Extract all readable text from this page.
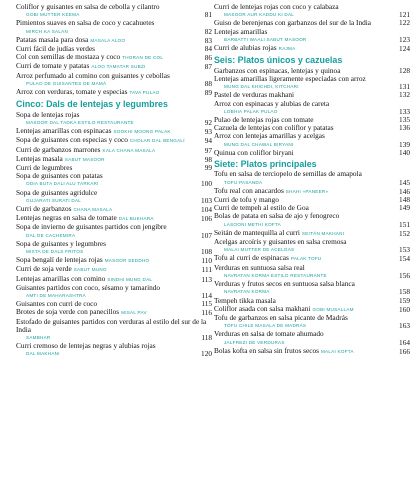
Coliflor y guisantes en salsa de cebolla y cilantro
GOBI MUTTER KEEMA	81
Pimientos suaves en salsa de coco y cacahuetes
MIRCH KA SALAN	82
Patatas masala para dosa MASALA ALOO	83
Curri fácil de judías verdes	84
Col con semillas de mostaza y coco THORAN DE COL	86
Curri de tomate y patatas ALOO TAMATAR SUBZI	87
Arroz perfumado al comino con guisantes y cebollas
PULAO DE GUISANTES DE MAMÁ	88
Arroz con verduras, tomate y especias TAVA PULAO	89
Cinco: Dals de lentejas y legumbres
Sopa de lentejas rojas
MASOOR DAL TADKA ESTILO RESTAURANTE	92
Lentejas amarillas con espinacas SOOKHI MOONG PALAK	93
Sopa de guisantes con especias y coco CHOLAR DAL BENGALÍ	94
Curri de garbanzos marrones KALA CHANA MASALA	97
Lentejas masala SABUT MASOOR	98
Curri de legumbres	99
Sopa de guisantes con patatas
ODIA BUTA DALI ALU TARKARI	100
Sopa de guisantes agridulce
GUJARATI SURATI DAL	103
Curri de garbanzos CHANA MASALA	104
Lentejas negras en salsa de tomate DAL BUKHARA	106
Sopa de invierno de guisantes partidos con jengibre
DAL DE CACHEMIRA	107
Sopa de guisantes y legumbres
MIXTA DE DALS FRITOS	108
Sopa bengalí de lentejas rojas MASOOR SEDDHO	110
Curri de soja verde SABUT MUNG	111
Lentejas amarillas con comino SINDHI MUNG DAL	113
Guisantes partidos con coco, sésamo y tamarindo
AMTI DE MAHARASHTRA	114
Guisantes con curri de coco	115
Brotes de soja verde con panecillos MISAL PAV	116
Estofado de guisantes partidos con verduras al estilo del sur de la India
SAMBHAR	118
Curri cremoso de lentejas negras y alubias rojas
DAL MAKHANI	120
Curri de lentejas rojas con coco y calabaza
MASOOR AUR KADDU KI DAL	121
Guiso de berenjenas con garbanzos del sur de la India	122
Lentejas amarillas
BARBATTI WAALI SABUT MASOOR	123
Curri de alubias rojas RAJMA	124
Seis: Platos únicos y cazuelas
Garbanzos con espinacas, lentejas y quinoa	128
Lentejas amarillas ligeramente especiadas con arroz
MUNG DAL KHICHDI, KITCHARI	131
Pastel de verduras makhani	132
Arroz con espinacas y alubias de careta
LOBHIA PALAK PULAO	133
Pulao de lentejas rojas con tomate	135
Cazuela de lentejas con coliflor y patatas	136
Arroz con lentejas amarillas y acelgas
MUNG DAL CHAWAL BIRYANI	139
Quinua con coliflor biryani	140
Siete: Platos principales
Tofu en salsa de terciopelo de semillas de amapola
TOFU PASANDA	145
Tofu real con anacardos SHAHI «PANEER»	146
Curri de tofu y mango	148
Curri de tempeh al estilo de Goa	149
Bolas de patata en salsa de ajo y fenogreco
LASOONI METHI KOFTA	151
Seitán de mantequilla al curri SEITÁN MAKHANI	152
Acelgas arcoíris y guisantes en salsa cremosa
MALAI MUTTER DE ACELGAS	153
Tofu al curri de espinacas PALAK TOFU	154
Verduras en suntuosa salsa real
NAVRATAN KORMA ESTILO RESTAURANTE	156
Verduras y frutos secos en suntuosa salsa blanca
NAVRATAN KORMA	158
Tempeh tikka masala	159
Coliflor asada con salsa makhani GOBI MUSALLAM	160
Tofu de garbanzos en salsa picante de Madrás
TOFU CHILE MASALA DE MADRÁS	163
Verduras en salsa de tomate ahumado
JALFREZI DE VERDURAS	164
Bolas kofta en salsa sin frutos secos MALAI KOFTA	166
